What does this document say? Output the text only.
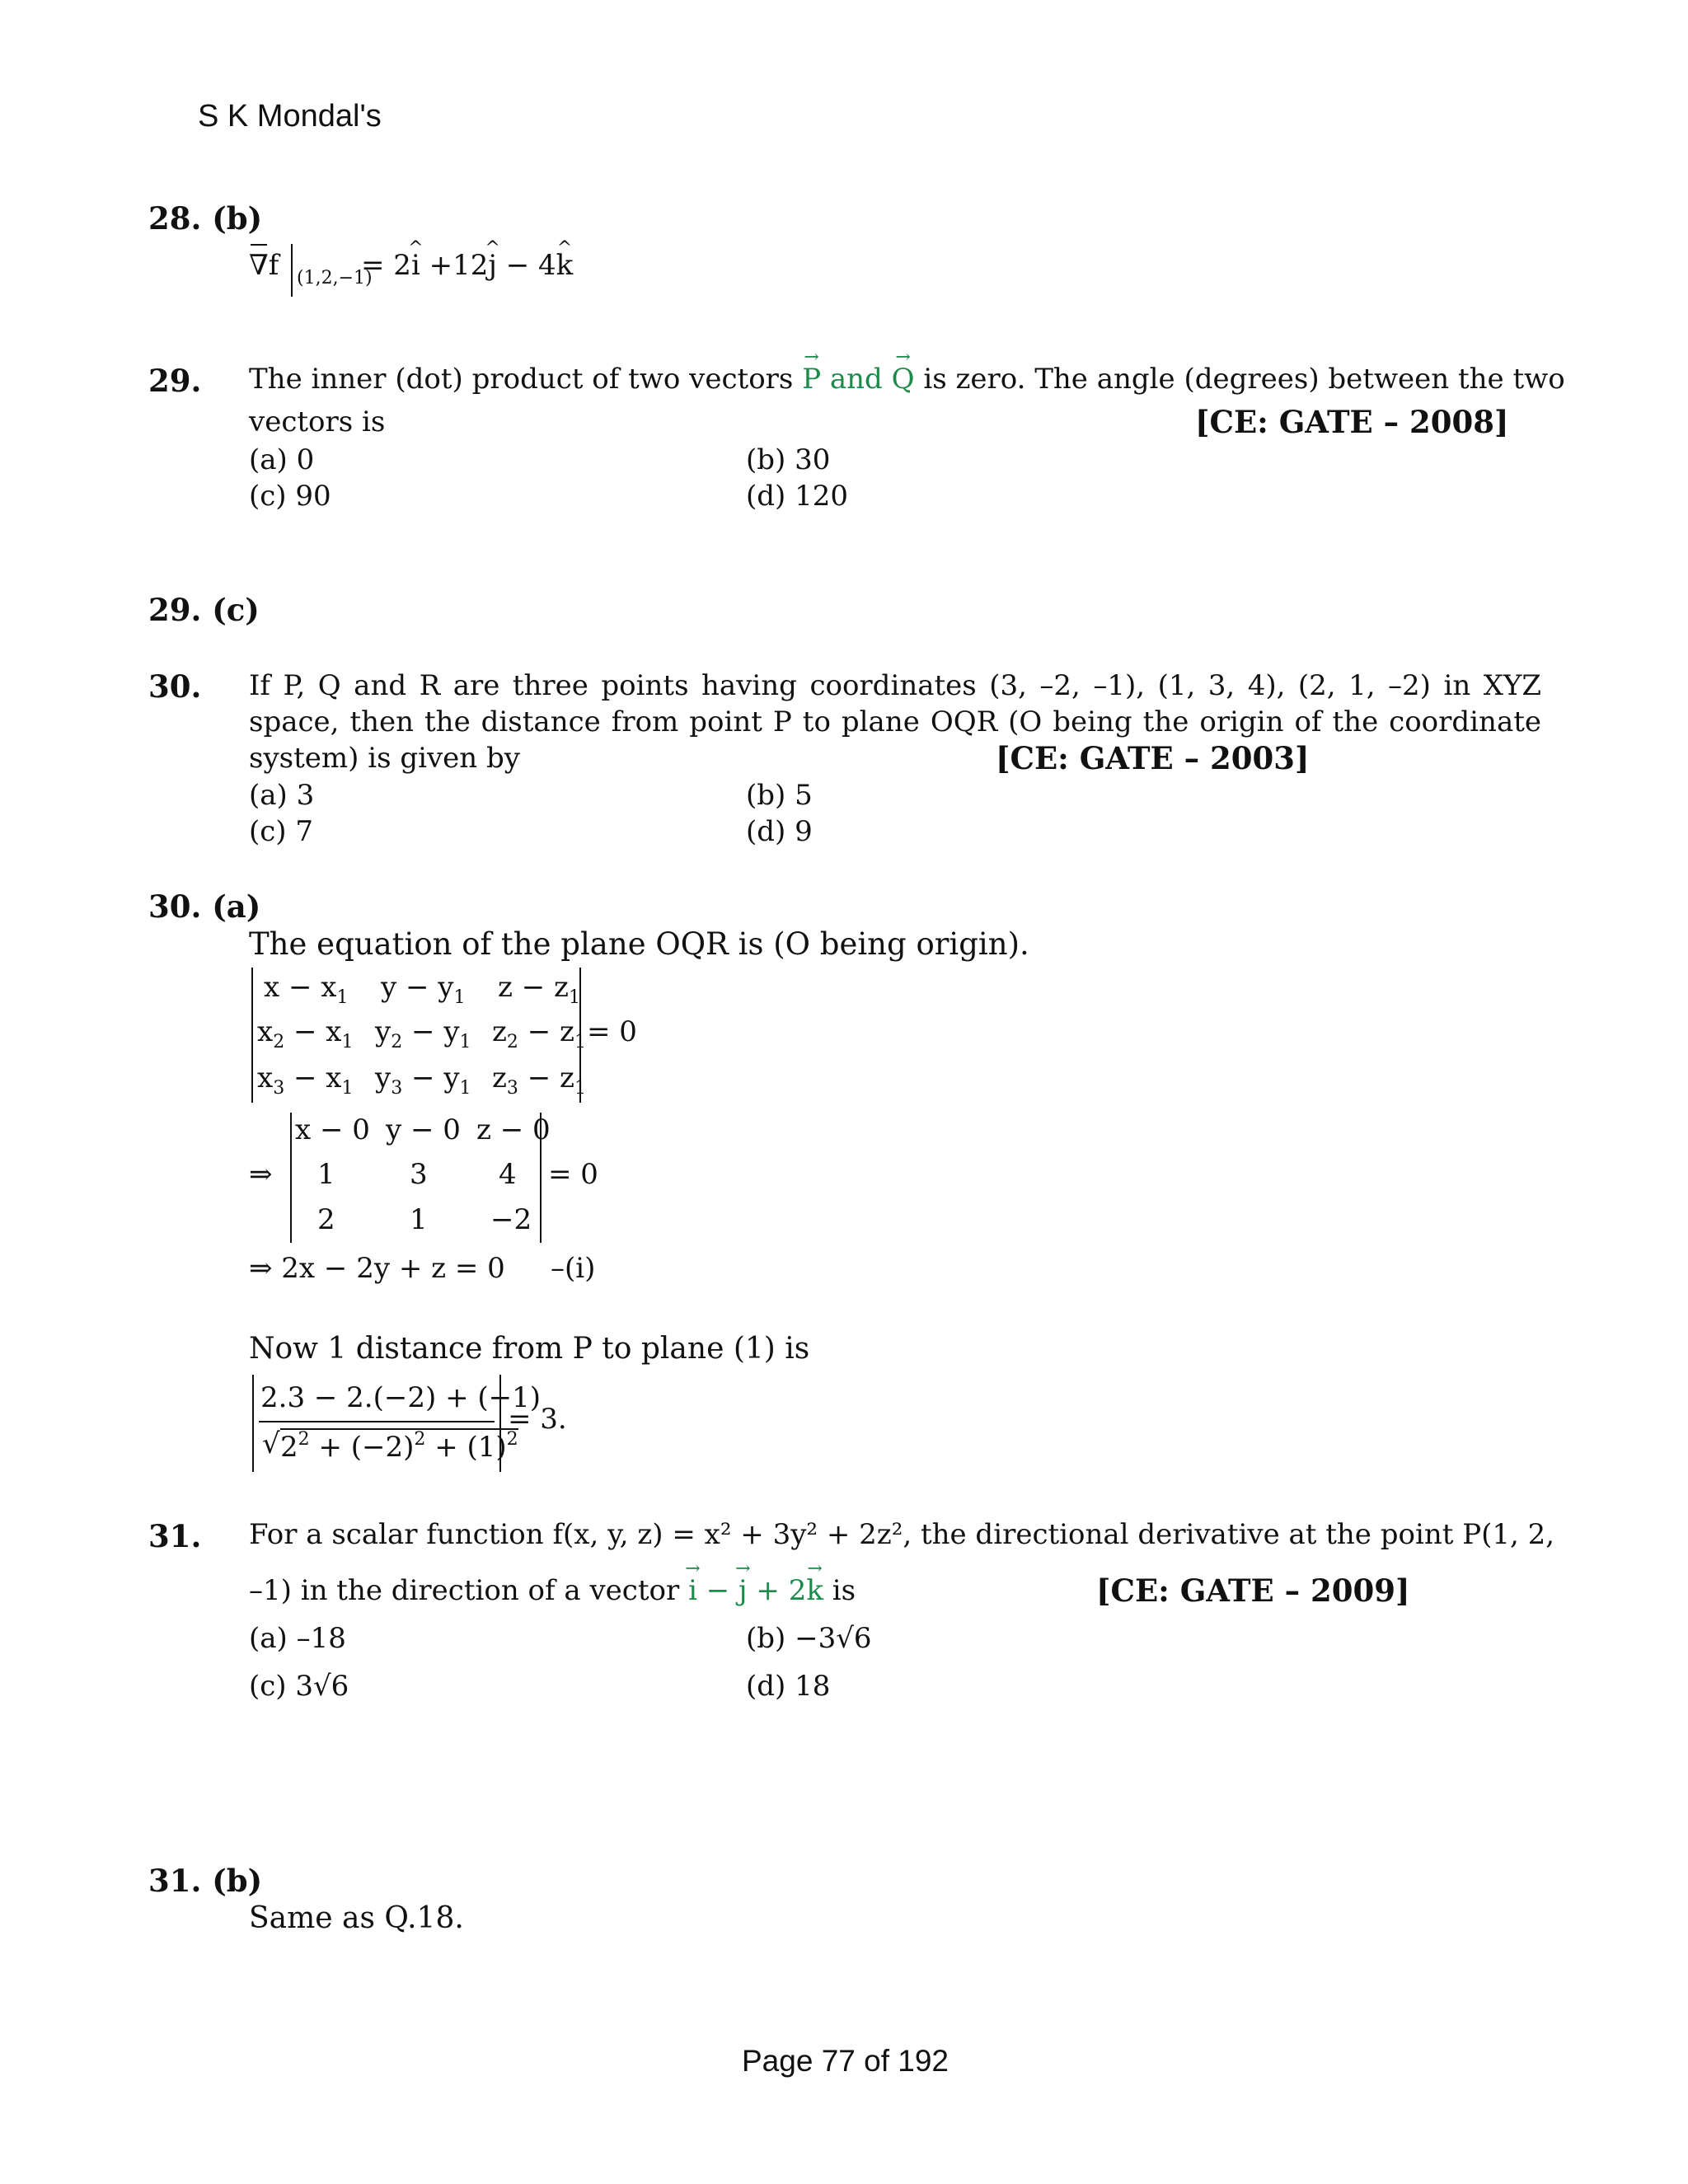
S K Mondal's
28. (b)
∇f (1,2,−1)
= 2^ i +12^ j − 4^ k
29. The inner (dot) product of two vectors → P and → Q is zero. The angle (degrees) between the two
vectors is	[CE: GATE – 2008]
(a) 0	(b) 30
(c) 90	(d) 120
29. (c)
30. If P, Q and R are three points having coordinates (3, –2, –1), (1, 3, 4), (2, 1, –2) in XYZ
space, then the distance from point P to plane OQR (O being the origin of the coordinate
system) is given by	[CE: GATE – 2003]
(a) 3	(b) 5
(c) 7	(d) 9
30. (a)
The equation of the plane OQR is (O being origin).
$x - x_1$ $y - y_1$ $z - z_1$
$x_2 - x_1$ $y_2 - y_1$ $z_2 - z_1$
$x_3 - x_1$ $y_3 - y_1$ $z_3 - z_1$
= 0
⇒
x − 0 y − 0 z − 0
1	3	4
2	1 −2
= 0
⇒ 2x − 2y + z = 0 –(i)
Now 1 distance from P to plane (1) is
2.3 − 2.(−2) + (−1)
√ $2^2 + (-2)^2 + (1)^2$
= 3.
31. For a scalar function f(x, y, z) = x² + 3y² + 2z², the directional derivative at the point P(1, 2,
–1) in the direction of a vector → i − → j + 2→ k is	[CE: GATE – 2009]
(a) –18	(b) −3√6
(c) 3√6	(d) 18
31. (b)
Same as Q.18.
Page 77 of 192
